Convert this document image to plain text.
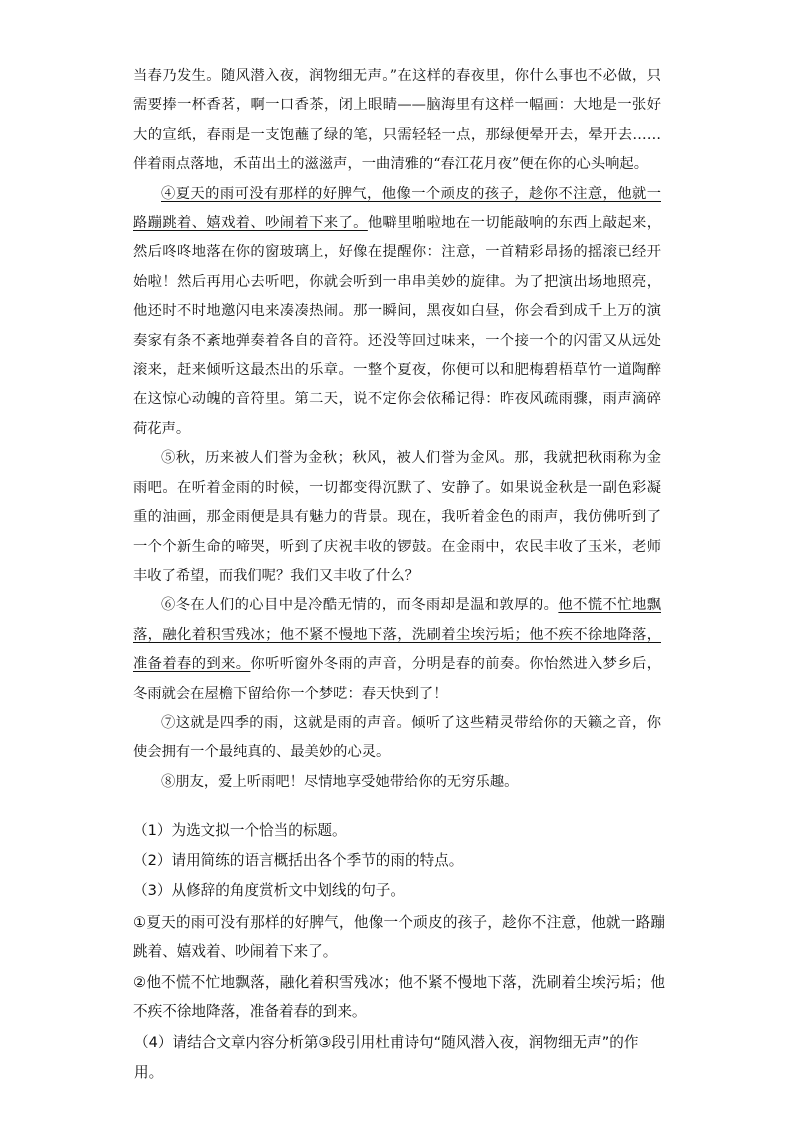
当春乃发生。随风潜入夜，润物细无声。”在这样的春夜里，你什么事也不必做，只需要捧一杯香茗，啊一口香茶，闭上眼睛——脑海里有这样一幅画：大地是一张好大的宣纸，春雨是一支饱蘸了绿的笔，只需轻轻一点，那绿便晕开去，晕开去……伴着雨点落地，禾苗出土的滋滋声，一曲清雅的“春江花月夜”便在你的心头响起。

④夏天的雨可没有那样的好脾气，他像一个顽皮的孩子，趁你不注意，他就一路蹦跳着、嬉戏着、吵闹着下来了。他噼里啪啦地在一切能敲响的东西上敲起来，然后咚咚地落在你的窗玻璃上，好像在提醒你：注意，一首精彩昂扬的摇滚已经开始啦！然后再用心去听吧，你就会听到一串串美妙的旋律。为了把演出场地照亮，他还时不时地邀闪电来凑凑热闹。那一瞬间，黑夜如白昼，你会看到成千上万的演奏家有条不紊地弹奏着各自的音符。还没等回过味来，一个接一个的闪雷又从远处滚来，赶来倾听这最杰出的乐章。一整个夏夜，你便可以和肥梅碧梧草竹一道陶醉在这惊心动魄的音符里。第二天，说不定你会依稀记得：昨夜风疏雨骤，雨声滴碎荷花声。

⑤秋，历来被人们誉为金秋；秋风，被人们誉为金风。那，我就把秋雨称为金雨吧。在听着金雨的时候，一切都变得沉默了、安静了。如果说金秋是一副色彩凝重的油画，那金雨便是具有魅力的背景。现在，我听着金色的雨声，我仿佛听到了一个个新生命的啼哭，听到了庆祝丰收的锣鼓。在金雨中，农民丰收了玉米，老师丰收了希望，而我们呢？我们又丰收了什么？

⑥冬在人们的心目中是冷酷无情的，而冬雨却是温和敦厚的。他不慌不忙地飘落，融化着积雪残冰；他不紧不慢地下落，洗刷着尘埃污垢；他不疾不徐地降落，准备着春的到来。你听听窗外冬雨的声音，分明是春的前奏。你怡然进入梦乡后，冬雨就会在屋檐下留给你一个梦呓：春天快到了！

⑦这就是四季的雨，这就是雨的声音。倾听了这些精灵带给你的天籁之音，你使会拥有一个最纯真的、最美妙的心灵。

⑧朋友，爱上听雨吧！尽情地享受她带给你的无穷乐趣。

（1）为选文拟一个恰当的标题。

（2）请用简练的语言概括出各个季节的雨的特点。

（3）从修辞的角度赏析文中划线的句子。

①夏天的雨可没有那样的好脾气，他像一个顽皮的孩子，趁你不注意，他就一路蹦跳着、嬉戏着、吵闹着下来了。

②他不慌不忙地飘落，融化着积雪残冰；他不紧不慢地下落，洗刷着尘埃污垢；他不疾不徐地降落，准备着春的到来。

（4）请结合文章内容分析第③段引用杜甫诗句“随风潜入夜，润物细无声”的作用。
